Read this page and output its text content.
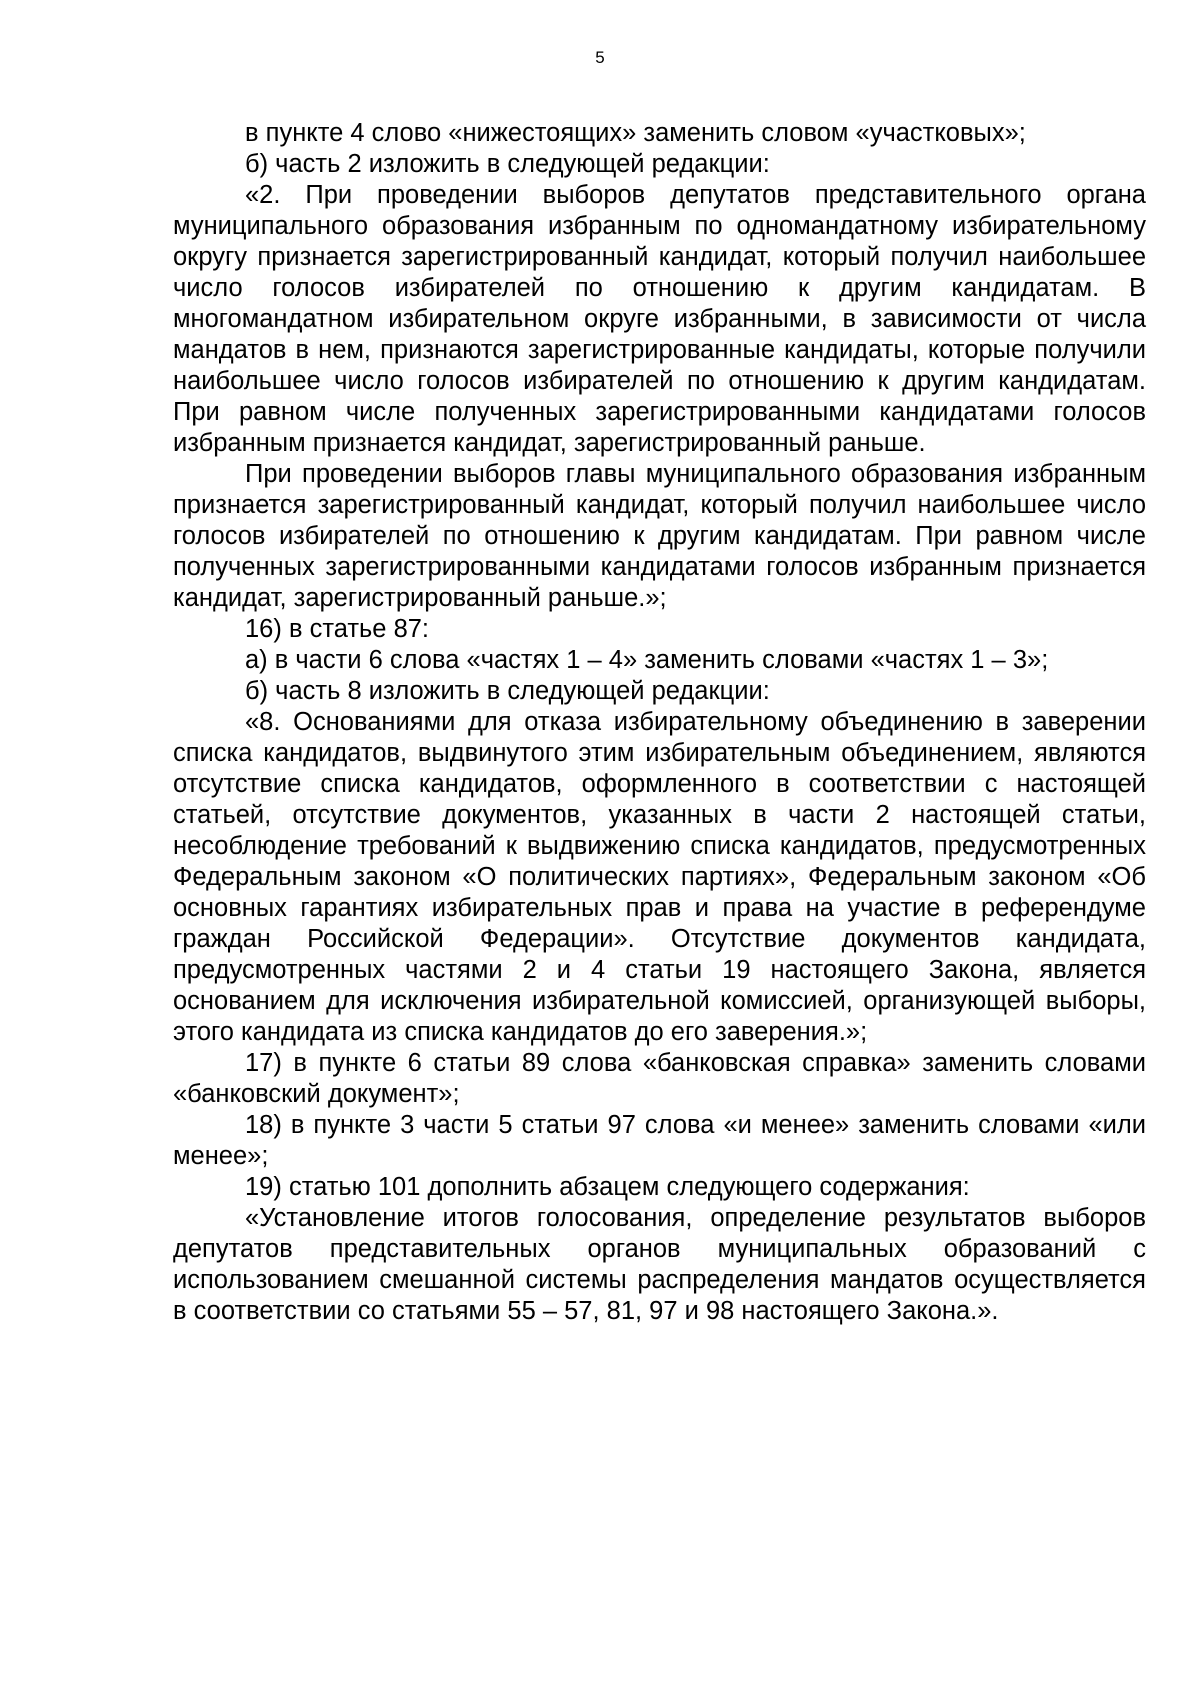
5

в пункте 4 слово «нижестоящих» заменить словом «участковых»;

б) часть 2 изложить в следующей редакции:

«2. При проведении выборов депутатов представительного органа муниципального образования избранным по одномандатному избирательному округу признается зарегистрированный кандидат, который получил наибольшее число голосов избирателей по отношению к другим кандидатам. В многомандатном избирательном округе избранными, в зависимости от числа мандатов в нем, признаются зарегистрированные кандидаты, которые получили наибольшее число голосов избирателей по отношению к другим кандидатам. При равном числе полученных зарегистрированными кандидатами голосов избранным признается кандидат, зарегистрированный раньше.

При проведении выборов главы муниципального образования избранным признается зарегистрированный кандидат, который получил наибольшее число голосов избирателей по отношению к другим кандидатам. При равном числе полученных зарегистрированными кандидатами голосов избранным признается кандидат, зарегистрированный раньше.»;

16) в статье 87:

а) в части 6 слова «частях 1 – 4» заменить словами «частях 1 – 3»;

б) часть 8 изложить в следующей редакции:

«8. Основаниями для отказа избирательному объединению в заверении списка кандидатов, выдвинутого этим избирательным объединением, являются отсутствие списка кандидатов, оформленного в соответствии с настоящей статьей, отсутствие документов, указанных в части 2 настоящей статьи, несоблюдение требований к выдвижению списка кандидатов, предусмотренных Федеральным законом «О политических партиях», Федеральным законом «Об основных гарантиях избирательных прав и права на участие в референдуме граждан Российской Федерации». Отсутствие документов кандидата, предусмотренных частями 2 и 4 статьи 19 настоящего Закона, является основанием для исключения избирательной комиссией, организующей выборы, этого кандидата из списка кандидатов до его заверения.»;

17) в пункте 6 статьи 89 слова «банковская справка» заменить словами «банковский документ»;

18) в пункте 3 части 5 статьи 97 слова «и менее» заменить словами «или менее»;

19) статью 101 дополнить абзацем следующего содержания:

«Установление итогов голосования, определение результатов выборов депутатов представительных органов муниципальных образований с использованием смешанной системы распределения мандатов осуществляется в соответствии со статьями 55 – 57, 81, 97 и 98 настоящего Закона.».
